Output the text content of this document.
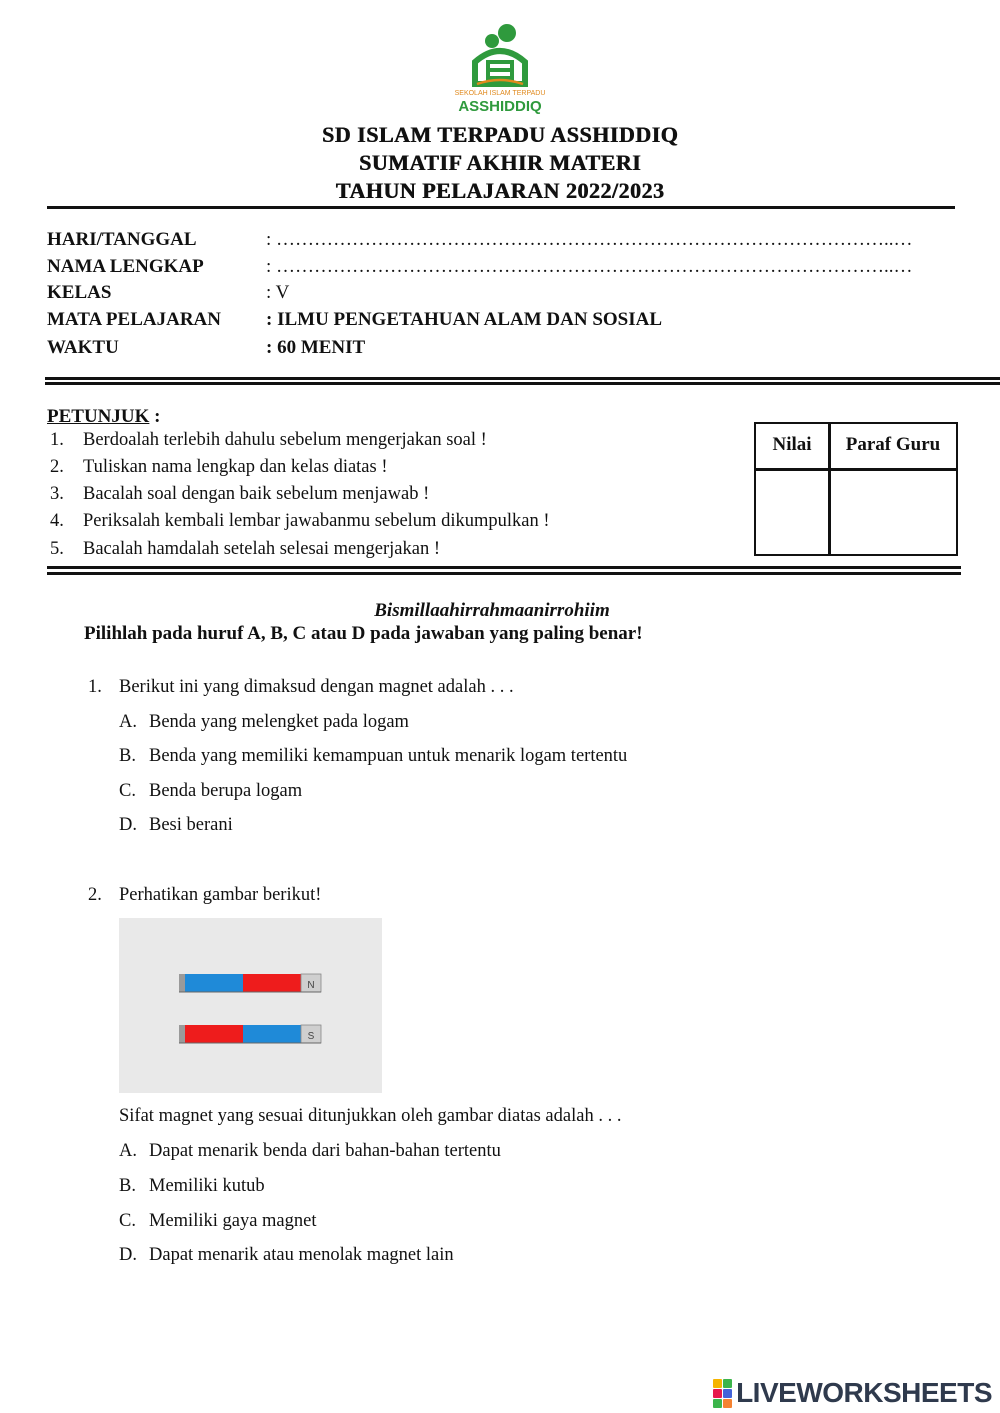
SEKOLAH ISLAM TERPADU
ASSHIDDIQ
SD ISLAM TERPADU ASSHIDDIQ
SUMATIF AKHIR MATERI
TAHUN PELAJARAN 2022/2023
HARI/TANGGAL	: ……………………………………………………………………………………..…
NAMA LENGKAP	: ……………………………………………………………………………………..…
KELAS	: V
MATA PELAJARAN : ILMU PENGETAHUAN ALAM DAN SOSIAL
WAKTU	: 60 MENIT
PETUNJUK :
1. Berdoalah terlebih dahulu sebelum mengerjakan soal !
2. Tuliskan nama lengkap dan kelas diatas !
3. Bacalah soal dengan baik sebelum menjawab !
4. Periksalah kembali lembar jawabanmu sebelum dikumpulkan !
5. Bacalah hamdalah setelah selesai mengerjakan !
Nilai	Paraf Guru
Bismillaahirrahmaanirrohiim
Pilihlah pada huruf A, B, C atau D pada jawaban yang paling benar!
1. Berikut ini yang dimaksud dengan magnet adalah . . .
A. Benda yang melengket pada logam
B. Benda yang memiliki kemampuan untuk menarik logam tertentu
C. Benda berupa logam
D. Besi berani
2. Perhatikan gambar berikut!
N
S
Sifat magnet yang sesuai ditunjukkan oleh gambar diatas adalah . . .
A. Dapat menarik benda dari bahan-bahan tertentu
B. Memiliki kutub
C. Memiliki gaya magnet
D. Dapat menarik atau menolak magnet lain
LIVEWORKSHEETS
